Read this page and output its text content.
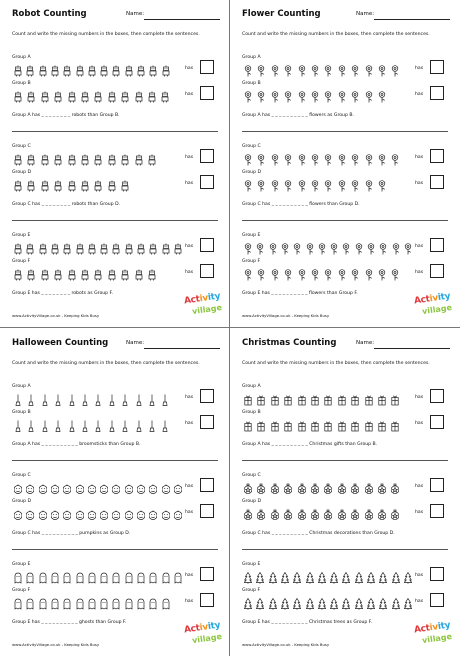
Robot Counting	Name:
Count and write the missing numbers in the boxes, then complete the sentences.
Group A
has
Group B
has
Group A has _ _ _ _ _ _ _ _ robots than Group B.
Group C
has
Group D
has
Group C has _ _ _ _ _ _ _ _ robots than Group D.
Group E
has
Group F
has
Group E has _ _ _ _ _ _ _ _ robots as Group F.
www.ActivityVillage.co.uk - Keeping Kids Busy
Activity
village
Flower Counting	Name:
Count and write the missing numbers in the boxes, then complete the sentences.
Group A
has
Group B
has
Group A has _ _ _ _ _ _ _ _ _ _ flowers as Group B.
Group C
has
Group D
has
Group C has _ _ _ _ _ _ _ _ _ _ flowers than Group D.
Group E
has
Group F
has
Group E has _ _ _ _ _ _ _ _ _ _ flowers than Group F.
www.ActivityVillage.co.uk - Keeping Kids Busy
Activity
village
Halloween Counting	Name:
Count and write the missing numbers in the boxes, then complete the sentences.
Group A
has
Group B
has
Group A has _ _ _ _ _ _ _ _ _ _ broomsticks than Group B.
Group C
has
Group D
has
Group C has _ _ _ _ _ _ _ _ _ _ pumpkins as Group D.
Group E
has
Group F
has
Group E has _ _ _ _ _ _ _ _ _ _ ghosts than Group F.
www.ActivityVillage.co.uk - Keeping Kids Busy
Activity
village
Christmas Counting	Name:
Count and write the missing numbers in the boxes, then complete the sentences.
Group A
has
Group B
has
Group A has _ _ _ _ _ _ _ _ _ _ Christmas gifts than Group B.
Group C
has
Group D
has
Group C has _ _ _ _ _ _ _ _ _ _ Christmas decorations than Group D.
Group E
has
Group F
has
Group E has _ _ _ _ _ _ _ _ _ _ Christmas trees as Group F.
www.ActivityVillage.co.uk - Keeping Kids Busy
Activity
village
